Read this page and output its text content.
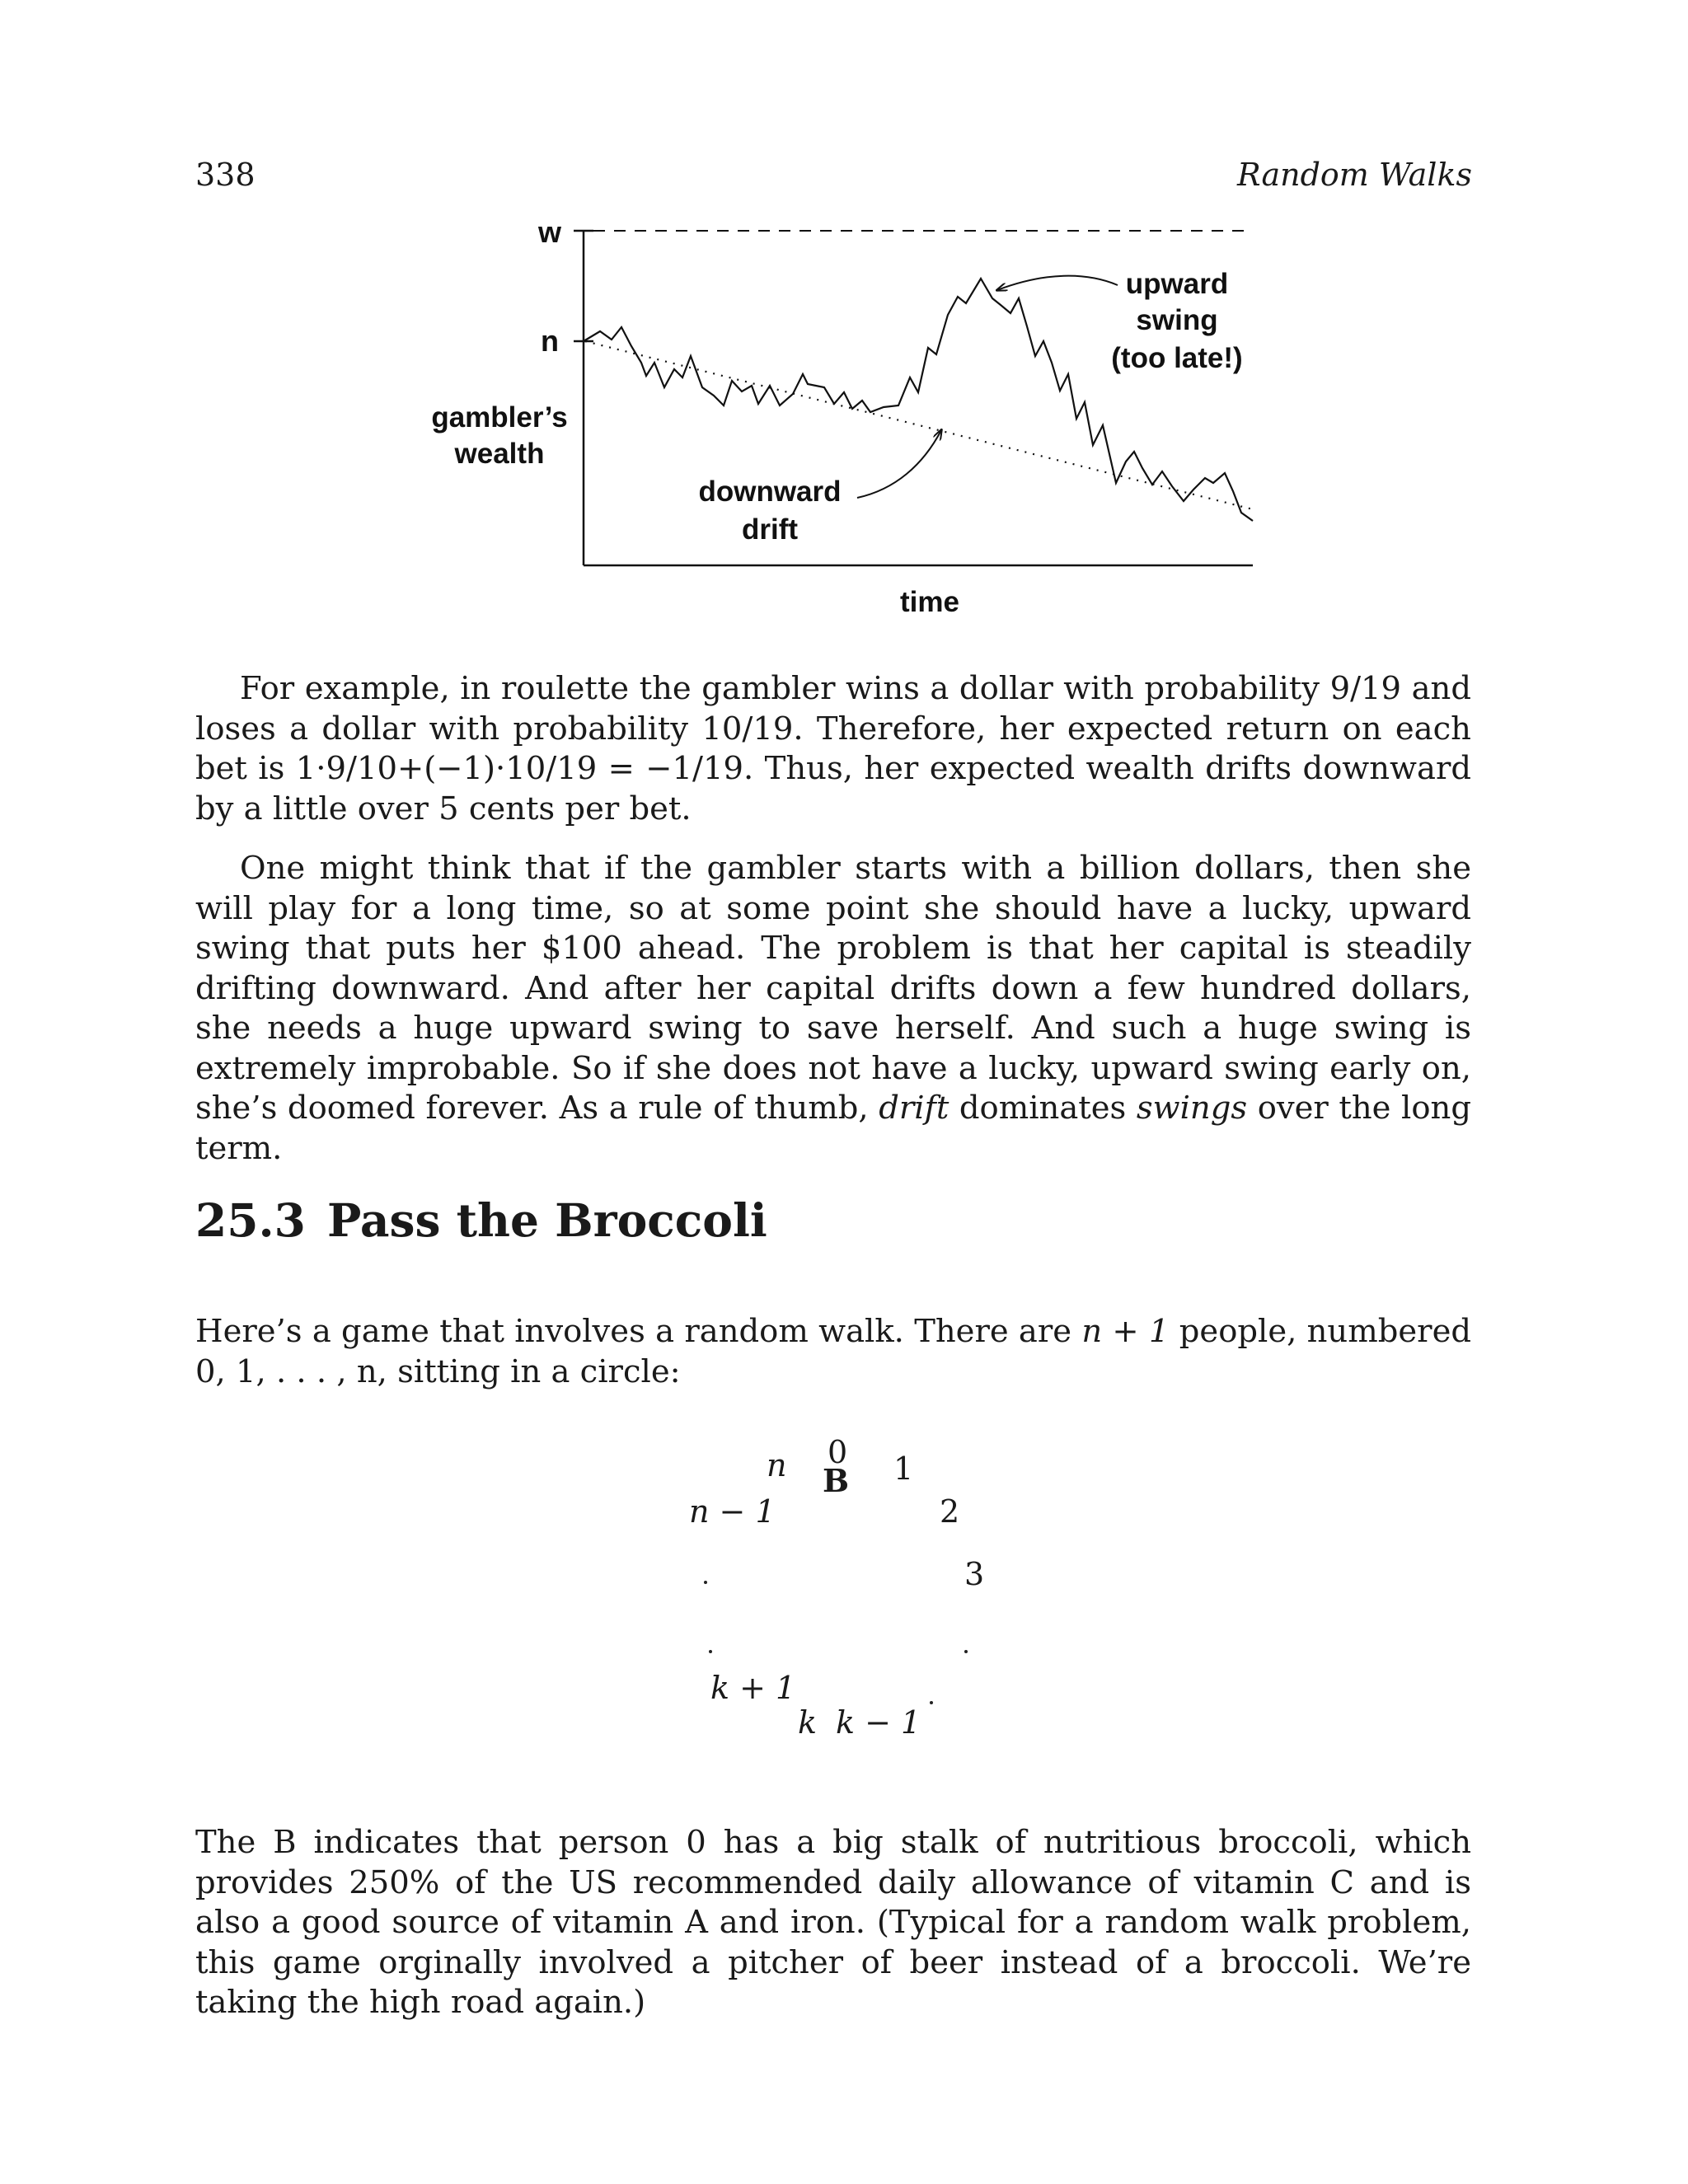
338	Random Walks
w
n
gambler’s
wealth
time
upward
swing
(too late!)
downward
drift

For example, in roulette the gambler wins a dollar with probability 9/19 and loses a dollar with probability 10/19. Therefore, her expected return on each bet is 1·9/10+(−1)·10/19 = −1/19. Thus, her expected wealth drifts downward by a little over 5 cents per bet.

One might think that if the gambler starts with a billion dollars, then she will play for a long time, so at some point she should have a lucky, upward swing that puts her $100 ahead. The problem is that her capital is steadily drifting downward. And after her capital drifts down a few hundred dollars, she needs a huge upward swing to save herself. And such a huge swing is extremely improbable. So if she does not have a lucky, upward swing early on, she’s doomed forever. As a rule of thumb, drift dominates swings over the long term.

25.3 Pass the Broccoli

Here’s a game that involves a random walk. There are n + 1 people, numbered 0, 1, . . . , n, sitting in a circle:

0
B 1
2
3
n
n − 1
k + 1
k k − 1

The B indicates that person 0 has a big stalk of nutritious broccoli, which provides 250% of the US recommended daily allowance of vitamin C and is also a good source of vitamin A and iron. (Typical for a random walk problem, this game orginally involved a pitcher of beer instead of a broccoli. We’re taking the high road again.)
